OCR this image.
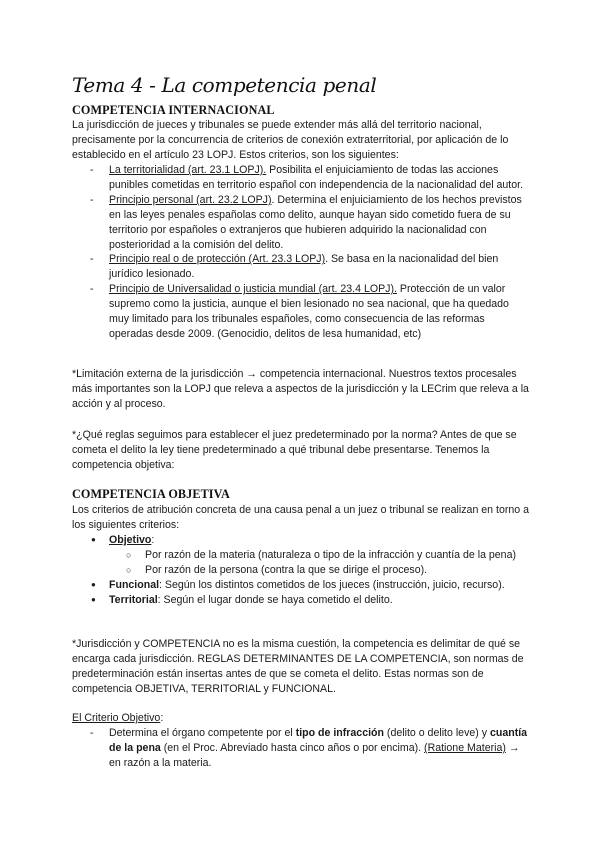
Tema 4 - La competencia penal
COMPETENCIA INTERNACIONAL

La jurisdicción de jueces y tribunales se puede extender más allá del territorio nacional, precisamente por la concurrencia de criterios de conexión extraterritorial, por aplicación de lo establecido en el artículo 23 LOPJ. Estos criterios, son los siguientes:

- La territorialidad (art. 23.1 LOPJ). Posibilita el enjuiciamiento de todas las acciones punibles cometidas en territorio español con independencia de la nacionalidad del autor.
- Principio personal (art. 23.2 LOPJ). Determina el enjuiciamiento de los hechos previstos en las leyes penales españolas como delito, aunque hayan sido cometido fuera de su territorio por españoles o extranjeros que hubieren adquirido la nacionalidad con posterioridad a la comisión del delito.
- Principio real o de protección (Art. 23.3 LOPJ). Se basa en la nacionalidad del bien jurídico lesionado.
- Principio de Universalidad o justicia mundial (art. 23.4 LOPJ). Protección de un valor supremo como la justicia, aunque el bien lesionado no sea nacional, que ha quedado muy limitado para los tribunales españoles, como consecuencia de las reformas operadas desde 2009. (Genocidio, delitos de lesa humanidad, etc)

*Limitación externa de la jurisdicción → competencia internacional. Nuestros textos procesales más importantes son la LOPJ que releva a aspectos de la jurisdicción y la LECrim que releva a la acción y al proceso.

*¿Qué reglas seguimos para establecer el juez predeterminado por la norma? Antes de que se cometa el delito la ley tiene predeterminado a qué tribunal debe presentarse. Tenemos la competencia objetiva:

COMPETENCIA OBJETIVA

Los criterios de atribución concreta de una causa penal a un juez o tribunal se realizan en torno a los siguientes criterios:

● Objetivo:
○ Por razón de la materia (naturaleza o tipo de la infracción y cuantía de la pena)
○ Por razón de la persona (contra la que se dirige el proceso).
● Funcional: Según los distintos cometidos de los jueces (instrucción, juicio, recurso).
● Territorial: Según el lugar donde se haya cometido el delito.

*Jurisdicción y COMPETENCIA no es la misma cuestión, la competencia es delimitar de qué se encarga cada jurisdicción. REGLAS DETERMINANTES DE LA COMPETENCIA, son normas de predeterminación están insertas antes de que se cometa el delito. Estas normas son de competencia OBJETIVA, TERRITORIAL y FUNCIONAL.

El Criterio Objetivo:

- Determina el órgano competente por el tipo de infracción (delito o delito leve) y cuantía de la pena (en el Proc. Abreviado hasta cinco años o por encima). (Ratione Materia) → en razón a la materia.
